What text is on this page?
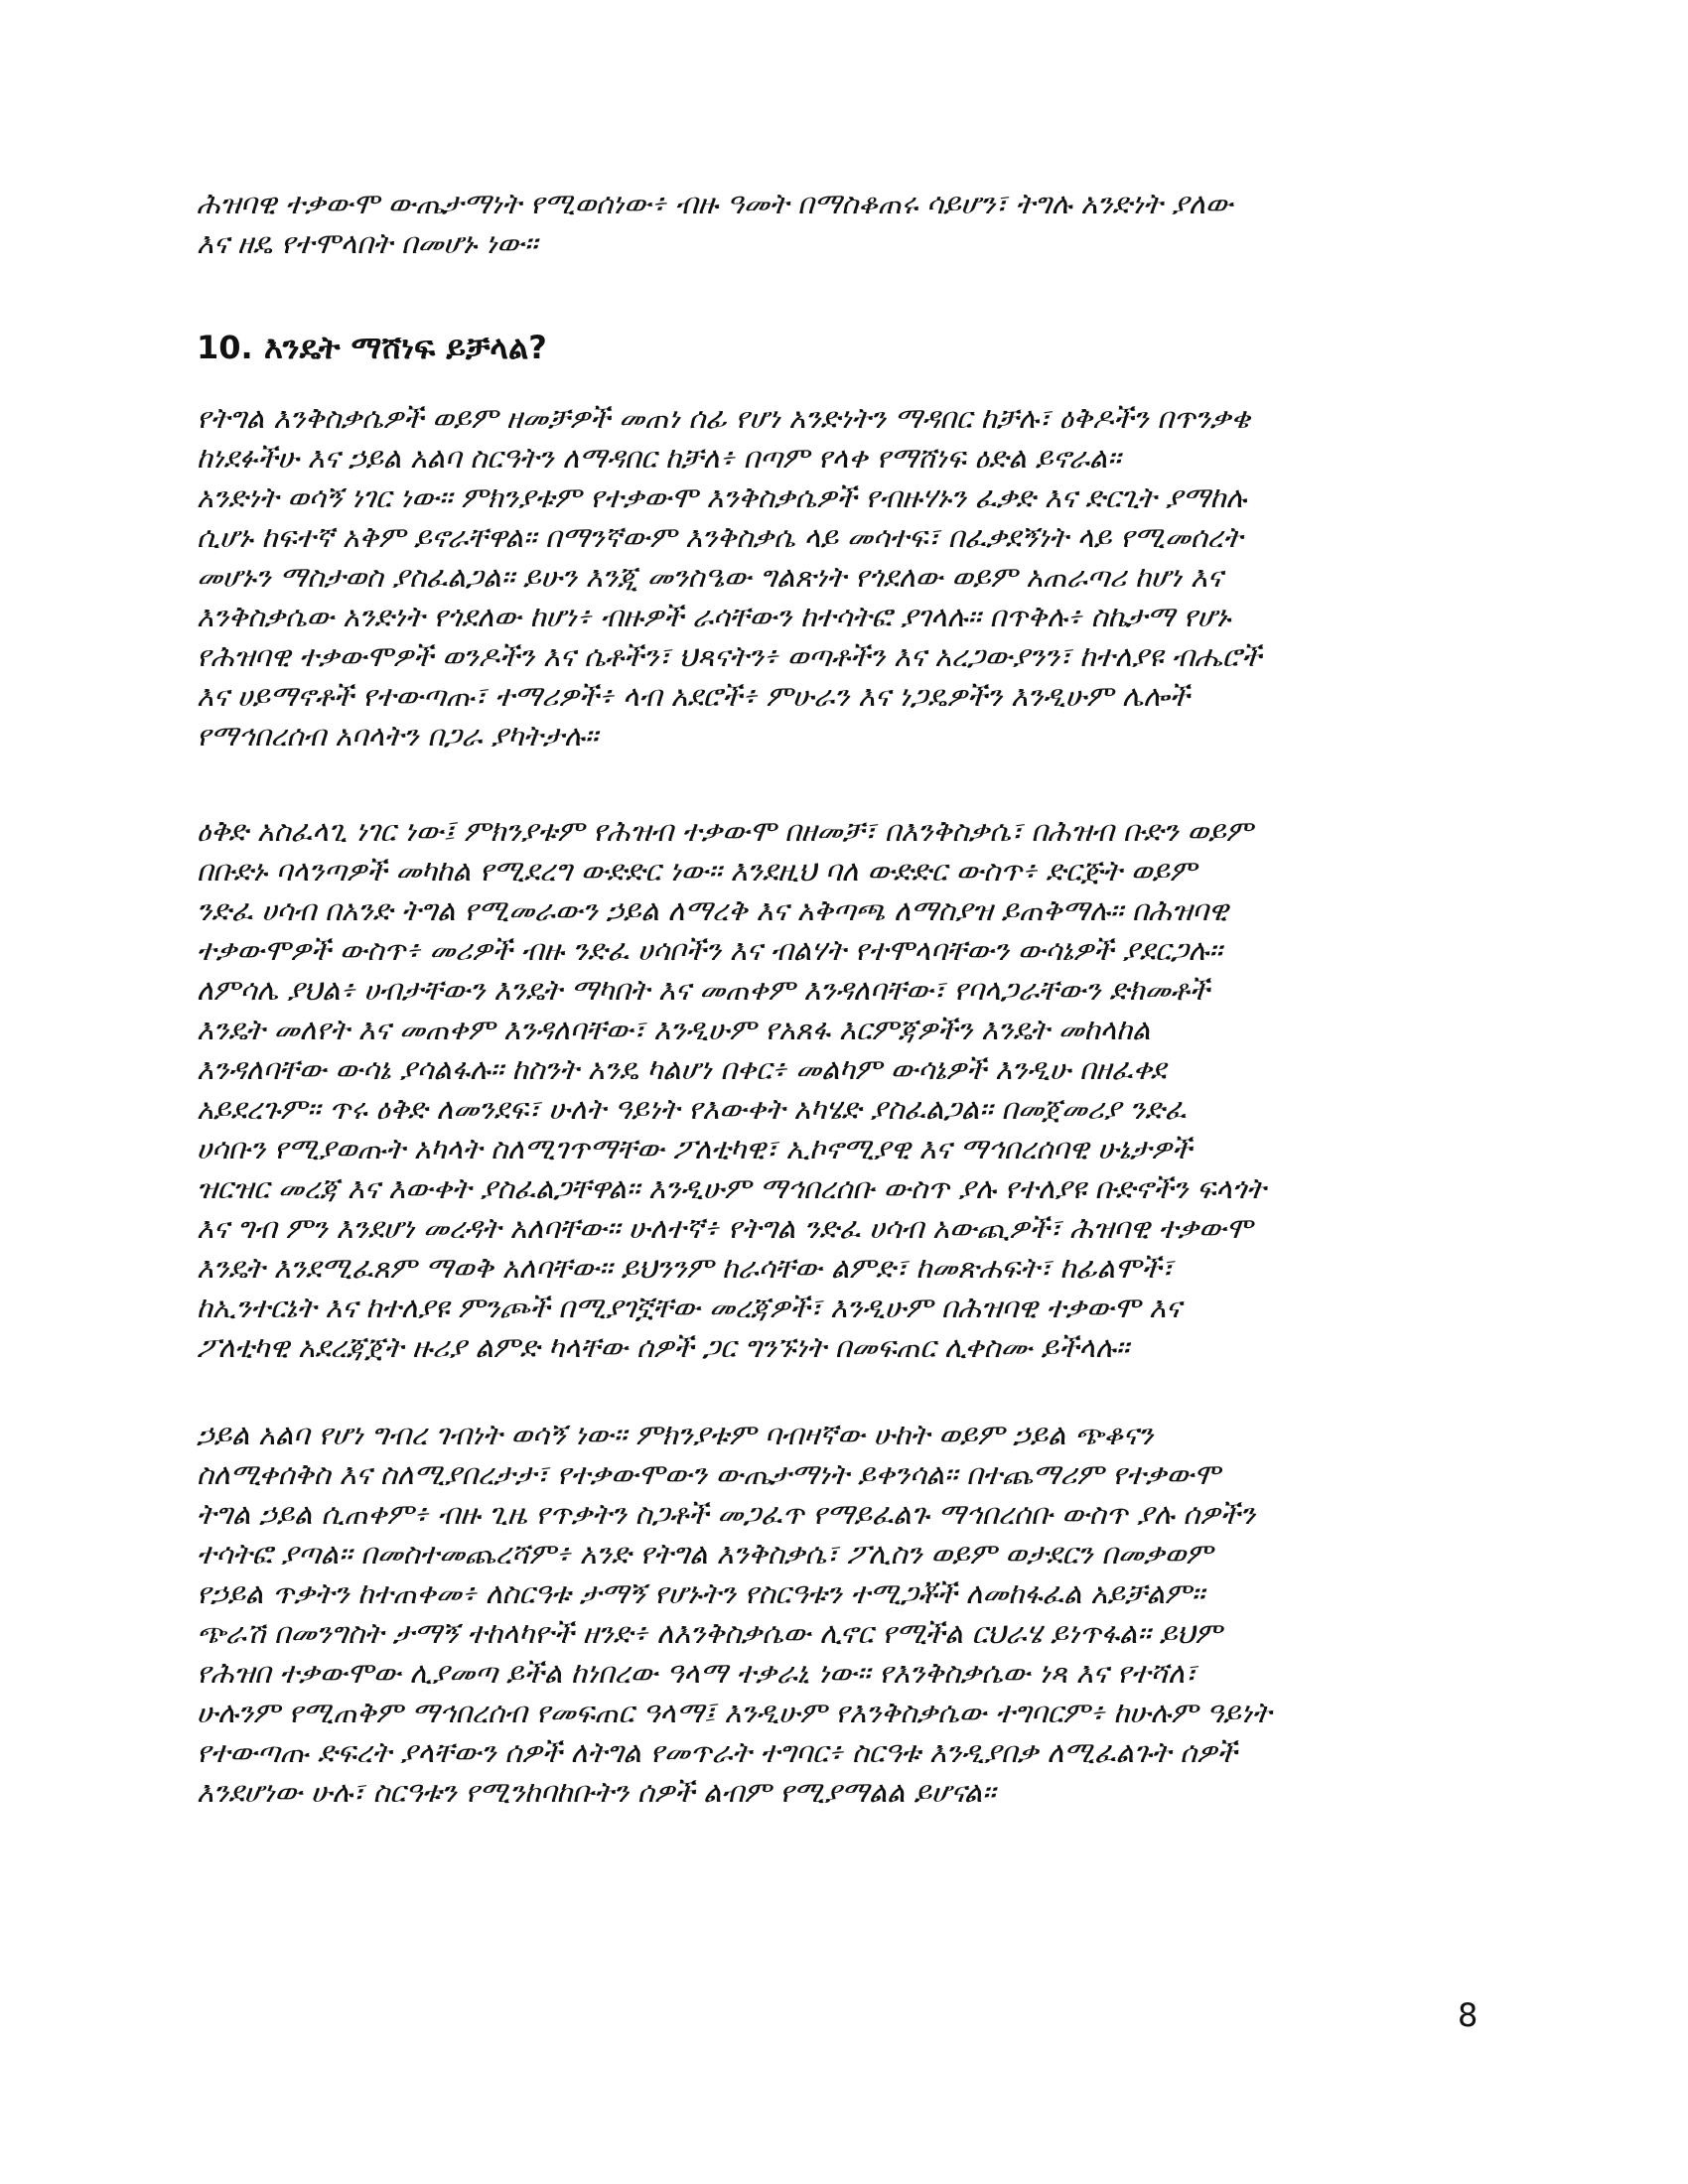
ሕዝባዊ ተቃውሞ ውጤታማነት የሚወሰነው፥ ብዙ ዓመት በማስቆጠሩ ሳይሆን፣ ትግሉ አንድነት ያለው
እና ዘዴ የተሞላበት በመሆኑ ነው።
10. እንዴት ማሸነፍ ይቻላል?
የትግል እንቅስቃሴዎች ወይም ዘመቻዎች መጠነ ሰፊ የሆነ አንድነትን ማዳበር ከቻሉ፣ ዕቅዶችን በጥንቃቄ
ከነደፉችሁ እና ኃይል አልባ ስርዓትን ለማዳበር ከቻለ፥ በጣም የላቀ የማሸነፍ ዕድል ይኖራል።
አንድነት ወሳኝ ነገር ነው። ምክንያቱም የተቃውሞ እንቅስቃሴዎች የብዙሃኑን ፈቃድ እና ድርጊት ያማከሉ
ሲሆኑ ከፍተኛ አቅም ይኖራቸዋል፡፡ በማንኛውም እንቅስቃሴ ላይ መሳተፍ፣ በፈቃደኝነት ላይ የሚመሰረት
መሆኑን ማስታወስ ያስፈልጋል። ይሁን እንጂ መንስዔው ግልጽነት የጎደለው ወይም አጠራጣሪ ከሆነ እና
እንቅስቃሴው አንድነት የጎደለው ከሆነ፥ ብዙዎች ራሳቸውን ከተሳትፎ ያገላሉ። በጥቅሉ፥ ስኬታማ የሆኑ
የሕዝባዊ ተቃውሞዎች ወንዶችን እና ሴቶችን፣ ህጻናትን፥ ወጣቶችን እና አረጋውያንን፣ ከተለያዩ ብሔሮች
እና ሀይማኖቶች የተውጣጡ፣ ተማሪዎች፥ ላብ አደሮች፥ ምሁራን እና ነጋዴዎችን እንዲሁም ሌሎች
የማኅበረሰብ አባላትን በጋራ ያካትታሉ።
ዕቅድ አስፈላጊ ነገር ነው፤ ምክንያቱም የሕዝብ ተቃውሞ በዘመቻ፣ በእንቅስቃሴ፣ በሕዝብ ቡድን ወይም
በቡድኑ ባላንጣዎች መካከል የሚደረግ ውድድር ነው። እንደዚህ ባለ ውድድር ውስጥ፥ ድርጅት ወይም
ንድፈ ሀሳብ በአንድ ትግል የሚመራውን ኃይል ለማረቅ እና አቅጣጫ ለማስያዝ ይጠቅማሉ። በሕዝባዊ
ተቃውሞዎች ውስጥ፥ መሪዎች ብዙ ንድፈ ሀሳቦችን እና ብልሃት የተሞላባቸውን ውሳኔዎች ያደርጋሉ።
ለምሳሌ ያህል፥ ሀብታቸውን እንዴት ማካበት እና መጠቀም እንዳለባቸው፣ የባላጋራቸውን ድክመቶች
እንዴት መለየት እና መጠቀም እንዳለባቸው፣ እንዲሁም የአጸፋ እርምጃዎችን እንዴት መከላከል
እንዳለባቸው ውሳኔ ያሳልፋሉ። ከስንት አንዴ ካልሆነ በቀር፥ መልካም ውሳኔዎች እንዲሁ በዘፈቀደ
አይደረጉም። ጥሩ ዕቅድ ለመንደፍ፣ ሁለት ዓይነት የእውቀት አካሄድ ያስፈልጋል። በመጀመሪያ ንድፈ
ሀሳቡን የሚያወጡት አካላት ስለሚገጥማቸው ፖለቲካዊ፣ ኢኮኖሚያዊ እና ማኅበረሰባዊ ሁኔታዎች
ዝርዝር መረጃ እና እውቀት ያስፈልጋቸዋል። እንዲሁም ማኅበረሰቡ ውስጥ ያሉ የተለያዩ ቡድኖችን ፍላጎት
እና ግብ ምን እንደሆነ መረዳት አለባቸው። ሁለተኛ፥ የትግል ንድፈ ሀሳብ አውጪዎች፣ ሕዝባዊ ተቃውሞ
እንዴት እንደሚፈጸም ማወቅ አለባቸው። ይህንንም ከራሳቸው ልምድ፣ ከመጽሐፍት፣ ከፊልሞች፣
ከኢንተርኔት እና ከተለያዩ ምንጮች በሚያገኟቸው መረጃዎች፣ እንዲሁም በሕዝባዊ ተቃውሞ እና
ፖለቲካዊ አደረጃጀት ዙሪያ ልምድ ካላቸው ሰዎች ጋር ግንኙነት በመፍጠር ሊቀስሙ ይችላሉ።
ኃይል አልባ የሆነ ግብረ ገብነት ወሳኝ ነው። ምክንያቱም ባብዛኛው ሁከት ወይም ኃይል ጭቆናን
ስለሚቀሰቅስ እና ስለሚያበረታታ፣ የተቃውሞውን ውጤታማነት ይቀንሳል። በተጨማሪም የተቃውሞ
ትግል ኃይል ሲጠቀም፥ ብዙ ጊዜ የጥቃትን ስጋቶች መጋፈጥ የማይፈልጉ ማኅበረሰቡ ውስጥ ያሉ ሰዎችን
ተሳትፎ ያጣል። በመስተመጨረሻም፥ አንድ የትግል እንቅስቃሴ፣ ፖሊስን ወይም ወታደርን በመቃወም
የኃይል ጥቃትን ከተጠቀመ፥ ለስርዓቱ ታማኝ የሆኑትን የስርዓቱን ተሚጋቾች ለመከፋፈል አይቻልም።
ጭራሽ በመንግስት ታማኝ ተከላካዮች ዘንድ፥ ለእንቅስቃሴው ሊኖር የሚችል ርህራሄ ይነጥፋል። ይህም
የሕዝበ ተቃውሞው ሊያመጣ ይችል ከነበረው ዓላማ ተቃራኒ ነው። የእንቅስቃሴው ነጻ እና የተሻለ፣
ሁሉንም የሚጠቅም ማኅበረሰብ የመፍጠር ዓላማ፤ እንዲሁም የእንቅስቃሴው ተግባርም፥ ከሁሉም ዓይነት
የተውጣጡ ድፍረት ያላቸውን ሰዎች ለትግል የመጥራት ተግባር፥ ስርዓቱ እንዲያበቃ ለሚፈልጉት ሰዎች
እንደሆነው ሁሉ፣ ስርዓቱን የሚንከባከቡትን ሰዎች ልብም የሚያማልል ይሆናል።
8
